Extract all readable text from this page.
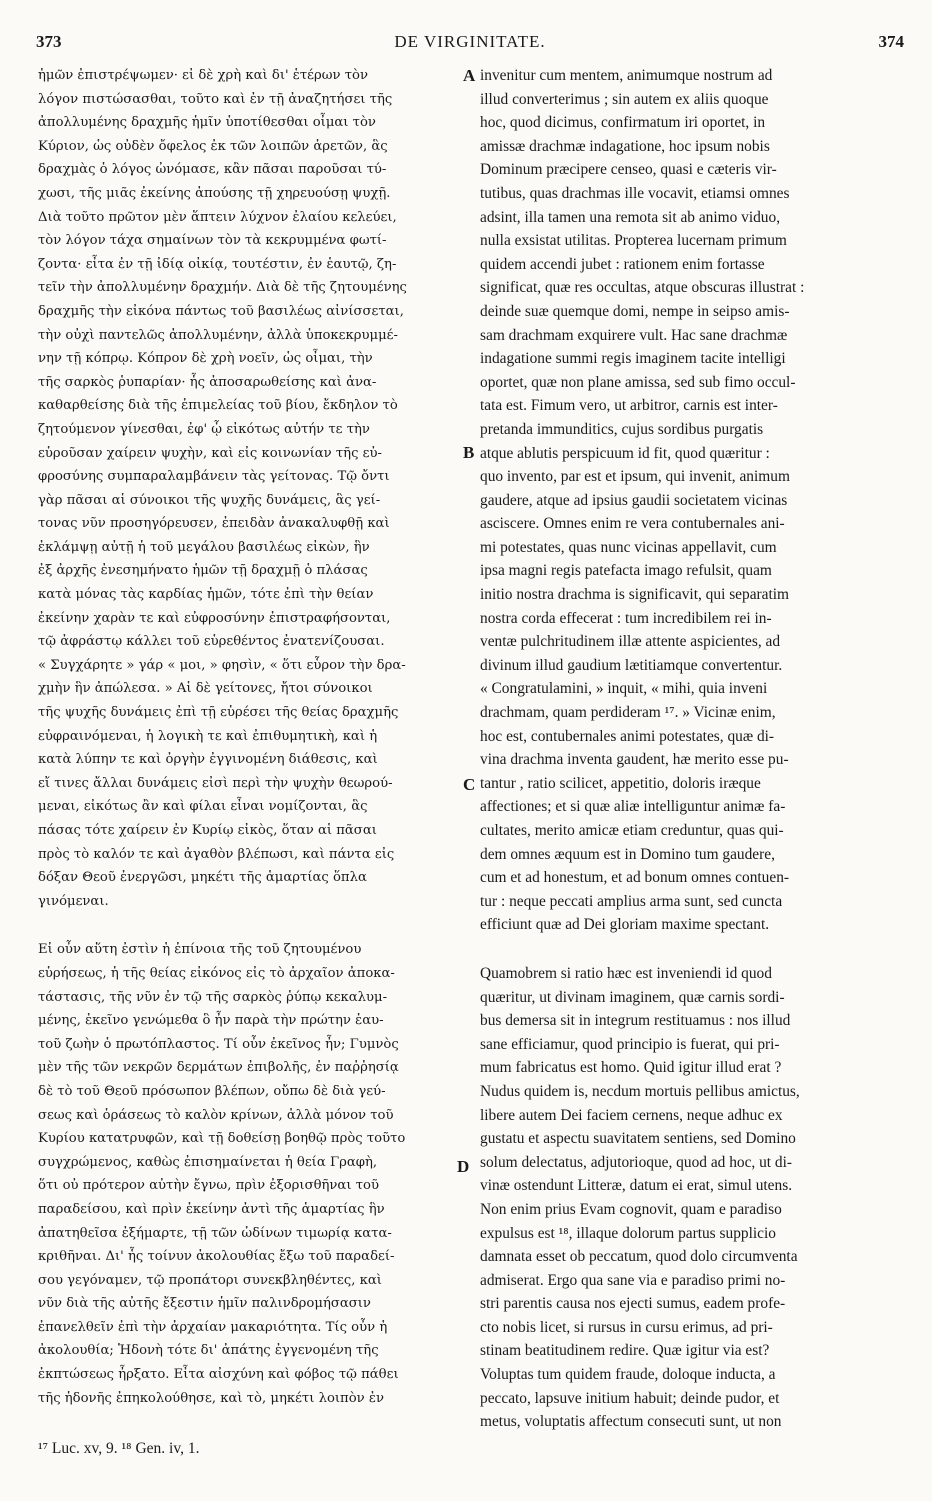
373	DE VIRGINITATE.	374
ἡμῶν ἐπιστρέψωμεν· εἰ δὲ χρὴ καὶ δι' ἑτέρων τὸν
λόγον πιστώσασθαι, τοῦτο καὶ ἐν τῇ ἀναζητήσει τῆς
ἀπολλυμένης δραχμῆς ἡμῖν ὑποτίθεσθαι οἶμαι τὸν
Κύριον, ὡς οὐδὲν ὄφελος ἐκ τῶν λοιπῶν ἀρετῶν, ἃς
δραχμὰς ὁ λόγος ὠνόμασε, κἂν πᾶσαι παροῦσαι τύ-
χωσι, τῆς μιᾶς ἐκείνης ἀπούσης τῇ χηρευούσῃ ψυχῇ.
Διὰ τοῦτο πρῶτον μὲν ἅπτειν λύχνον ἐλαίου κελεύει,
τὸν λόγον τάχα σημαίνων τὸν τὰ κεκρυμμένα φωτί-
ζοντα· εἶτα ἐν τῇ ἰδίᾳ οἰκίᾳ, τουτέστιν, ἐν ἑαυτῷ, ζη-
τεῖν τὴν ἀπολλυμένην δραχμήν. Διὰ δὲ τῆς ζητουμένης
δραχμῆς τὴν εἰκόνα πάντως τοῦ βασιλέως αἰνίσσεται,
τὴν οὐχὶ παντελῶς ἀπολλυμένην, ἀλλὰ ὑποκεκρυμμέ-
νην τῇ κόπρῳ. Κόπρον δὲ χρὴ νοεῖν, ὡς οἶμαι, τὴν
τῆς σαρκὸς ῥυπαρίαν· ἧς ἀποσαρωθείσης καὶ ἀνα-
καθαρθείσης διὰ τῆς ἐπιμελείας τοῦ βίου, ἔκδηλον τὸ
ζητούμενον γίνεσθαι, ἐφ' ᾧ εἰκότως αὐτήν τε τὴν
εὑροῦσαν χαίρειν ψυχὴν, καὶ εἰς κοινωνίαν τῆς εὐ-
φροσύνης συμπαραλαμβάνειν τὰς γείτονας. Τῷ ὄντι
γὰρ πᾶσαι αἱ σύνοικοι τῆς ψυχῆς δυνάμεις, ἃς γεί-
τονας νῦν προσηγόρευσεν, ἐπειδὰν ἀνακαλυφθῇ καὶ
ἐκλάμψῃ αὐτῇ ἡ τοῦ μεγάλου βασιλέως εἰκὼν, ἣν
ἐξ ἀρχῆς ἐνεσημήνατο ἡμῶν τῇ δραχμῇ ὁ πλάσας
κατὰ μόνας τὰς καρδίας ἡμῶν, τότε ἐπὶ τὴν θείαν
ἐκείνην χαρὰν τε καὶ εὐφροσύνην ἐπιστραφήσονται,
τῷ ἀφράστῳ κάλλει τοῦ εὑρεθέντος ἐνατενίζουσαι.
« Συγχάρητε » γάρ « μοι, » φησὶν, « ὅτι εὗρον τὴν δρα-
χμὴν ἣν ἀπώλεσα. » Αἱ δὲ γείτονες, ἤτοι σύνοικοι
τῆς ψυχῆς δυνάμεις ἐπὶ τῇ εὑρέσει τῆς θείας δραχμῆς
εὐφραινόμεναι, ἡ λογικὴ τε καὶ ἐπιθυμητικὴ, καὶ ἡ
κατὰ λύπην τε καὶ ὀργὴν ἐγγινομένη διάθεσις, καὶ
εἴ τινες ἄλλαι δυνάμεις εἰσὶ περὶ τὴν ψυχὴν θεωρού-
μεναι, εἰκότως ἂν καὶ φίλαι εἶναι νομίζονται, ἃς
πάσας τότε χαίρειν ἐν Κυρίῳ εἰκὸς, ὅταν αἱ πᾶσαι
πρὸς τὸ καλόν τε καὶ ἀγαθὸν βλέπωσι, καὶ πάντα εἰς
δόξαν Θεοῦ ἐνεργῶσι, μηκέτι τῆς ἁμαρτίας ὅπλα
γινόμεναι.
Εἰ οὖν αὕτη ἐστὶν ἡ ἐπίνοια τῆς τοῦ ζητουμένου
εὑρήσεως, ἡ τῆς θείας εἰκόνος εἰς τὸ ἀρχαῖον ἀποκα-
τάστασις, τῆς νῦν ἐν τῷ τῆς σαρκὸς ῥύπῳ κεκαλυμ-
μένης, ἐκεῖνο γενώμεθα ὃ ἦν παρὰ τὴν πρώτην ἑαυ-
τοῦ ζωὴν ὁ πρωτόπλαστος. Τί οὖν ἐκεῖνος ἦν; Γυμνὸς
μὲν τῆς τῶν νεκρῶν δερμάτων ἐπιβολῆς, ἐν παῤῥησίᾳ
δὲ τὸ τοῦ Θεοῦ πρόσωπον βλέπων, οὔπω δὲ διὰ γεύ-
σεως καὶ ὁράσεως τὸ καλὸν κρίνων, ἀλλὰ μόνον τοῦ
Κυρίου κατατρυφῶν, καὶ τῇ δοθείσῃ βοηθῷ πρὸς τοῦτο
συγχρώμενος, καθὼς ἐπισημαίνεται ἡ θεία Γραφὴ,
ὅτι οὐ πρότερον αὐτὴν ἔγνω, πρὶν ἐξορισθῆναι τοῦ
παραδείσου, καὶ πρὶν ἐκείνην ἀντὶ τῆς ἁμαρτίας ἣν
ἀπατηθεῖσα ἐξήμαρτε, τῇ τῶν ὠδίνων τιμωρίᾳ κατα-
κριθῆναι. Δι' ἧς τοίνυν ἀκολουθίας ἔξω τοῦ παραδεί-
σου γεγόναμεν, τῷ προπάτορι συνεκβληθέντες, καὶ
νῦν διὰ τῆς αὐτῆς ἔξεστιν ἡμῖν παλινδρομήσασιν
ἐπανελθεῖν ἐπὶ τὴν ἀρχαίαν μακαριότητα. Τίς οὖν ἡ
ἀκολουθία; Ἡδονὴ τότε δι' ἀπάτης ἐγγενομένη τῆς
ἐκπτώσεως ἦρξατο. Εἶτα αἰσχύνη καὶ φόβος τῷ πάθει
τῆς ἡδονῆς ἐπηκολούθησε, καὶ τὸ, μηκέτι λοιπὸν ἐν
invenitur cum mentem, animumque nostrum ad
illud converterimus ; sin autem ex aliis quoque
hoc, quod dicimus, confirmatum iri oportet, in
amissæ drachmæ indagatione, hoc ipsum nobis
Dominum præcipere censeo, quasi e cæteris vir-
tutibus, quas drachmas ille vocavit, etiamsi omnes
adsint, illa tamen una remota sit ab animo viduo,
nulla exsistat utilitas. Propterea lucernam primum
quidem accendi jubet : rationem enim fortasse
significat, quæ res occultas, atque obscuras illustrat :
deinde suæ quemque domi, nempe in seipso amis-
sam drachmam exquirere vult. Hac sane drachmæ
indagatione summi regis imaginem tacite intelligi
oportet, quæ non plane amissa, sed sub fimo occul-
tata est. Fimum vero, ut arbitror, carnis est inter-
pretanda immunditics, cujus sordibus purgatis
atque ablutis perspicuum id fit, quod quæritur :
quo invento, par est et ipsum, qui invenit, animum
gaudere, atque ad ipsius gaudii societatem vicinas
asciscere. Omnes enim re vera contubernales ani-
mi potestates, quas nunc vicinas appellavit, cum
ipsa magni regis patefacta imago refulsit, quam
initio nostra drachma is significavit, qui separatim
nostra corda effecerat : tum incredibilem rei in-
ventæ pulchritudinem illæ attente aspicientes, ad
divinum illud gaudium lætitiamque convertentur.
« Congratulamini, » inquit, « mihi, quia inveni
drachmam, quam perdideram ¹⁷. » Vicinæ enim,
hoc est, contubernales animi potestates, quæ di-
vina drachma inventa gaudent, hæ merito esse pu-
tantur , ratio scilicet, appetitio, doloris iræque
affectiones; et si quæ aliæ intelliguntur animæ fa-
cultates, merito amicæ etiam creduntur, quas qui-
dem omnes æquum est in Domino tum gaudere,
cum et ad honestum, et ad bonum omnes contuen-
tur : neque peccati amplius arma sunt, sed cuncta
efficiunt quæ ad Dei gloriam maxime spectant.
Quamobrem si ratio hæc est inveniendi id quod
quæritur, ut divinam imaginem, quæ carnis sordi-
bus demersa sit in integrum restituamus : nos illud
sane efficiamur, quod principio is fuerat, qui pri-
mum fabricatus est homo. Quid igitur illud erat ?
Nudus quidem is, necdum mortuis pellibus amictus,
libere autem Dei faciem cernens, neque adhuc ex
gustatu et aspectu suavitatem sentiens, sed Domino
solum delectatus, adjutorioque, quod ad hoc, ut di-
vinæ ostendunt Litteræ, datum ei erat, simul utens.
Non enim prius Evam cognovit, quam e paradiso
expulsus est ¹⁸, illaque dolorum partus supplicio
damnata esset ob peccatum, quod dolo circumventa
admiserat. Ergo qua sane via e paradiso primi no-
stri parentis causa nos ejecti sumus, eadem profe-
cto nobis licet, si rursus in cursu erimus, ad pri-
stinam beatitudinem redire. Quæ igitur via est?
Voluptas tum quidem fraude, doloque inducta, a
peccato, lapsuve initium habuit; deinde pudor, et
metus, voluptatis affectum consecuti sunt, ut non
A
B
C
D
¹⁷ Luc. xv, 9. ¹⁸ Gen. iv, 1.
